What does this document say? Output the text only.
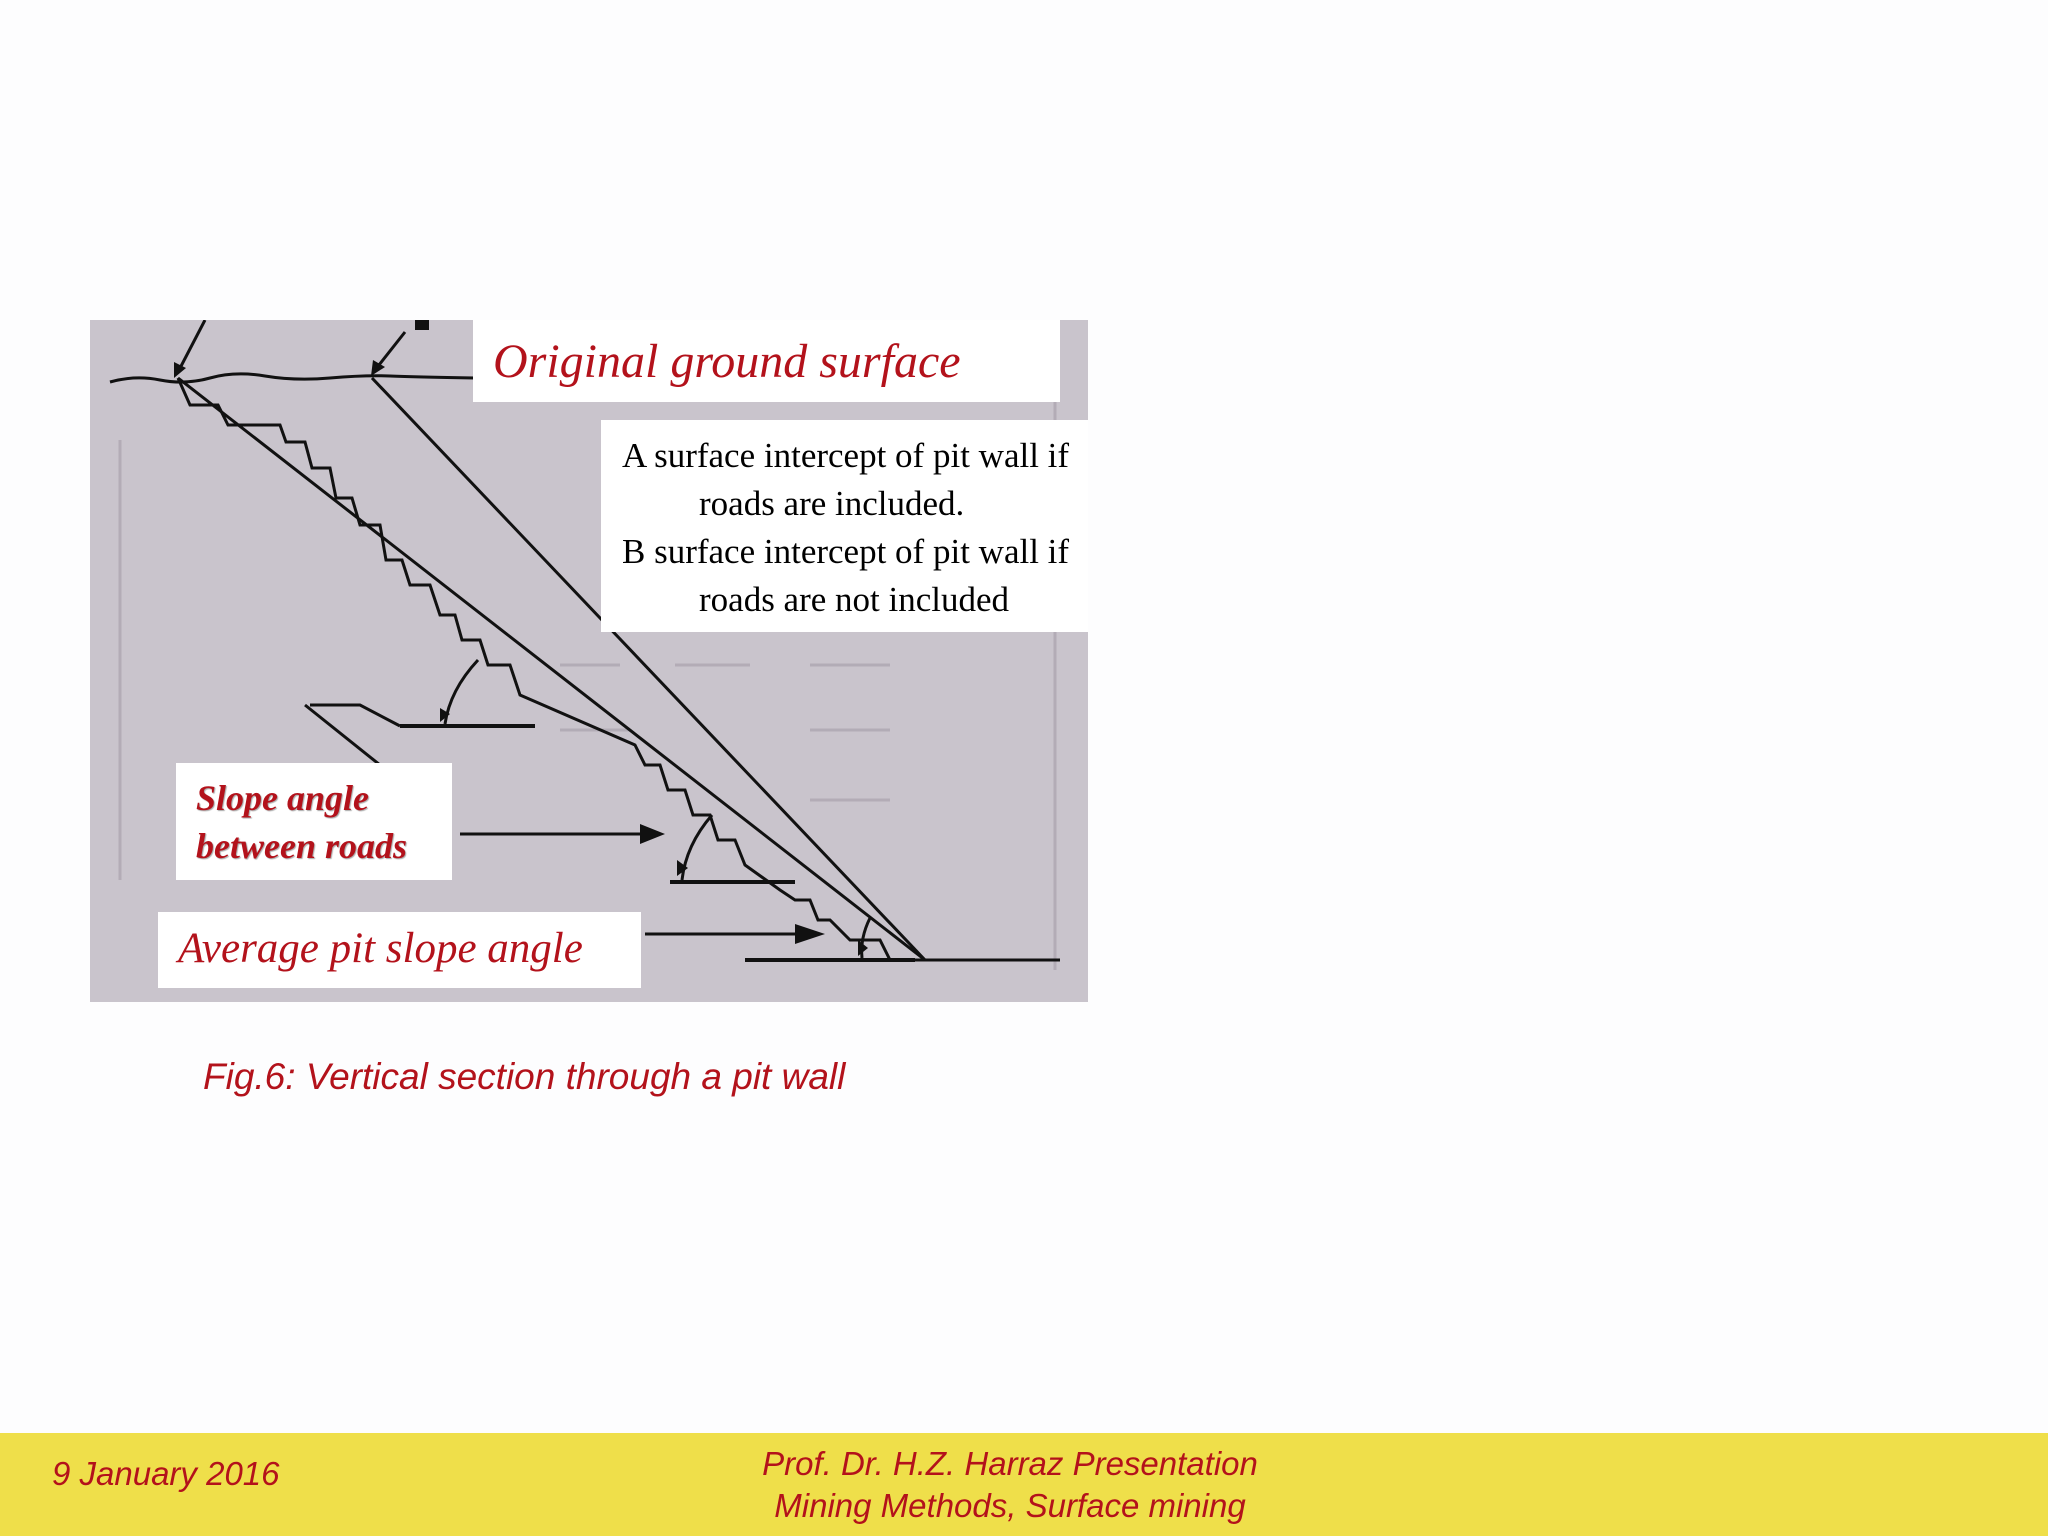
Original ground surface
A surface intercept of pit wall if
roads are included.
B surface intercept of pit wall if
roads are not included
Slope angle
between roads
Average pit slope angle
Fig.6: Vertical section through a pit wall
9 January 2016	Prof. Dr. H.Z. Harraz Presentation
Mining Methods, Surface mining
